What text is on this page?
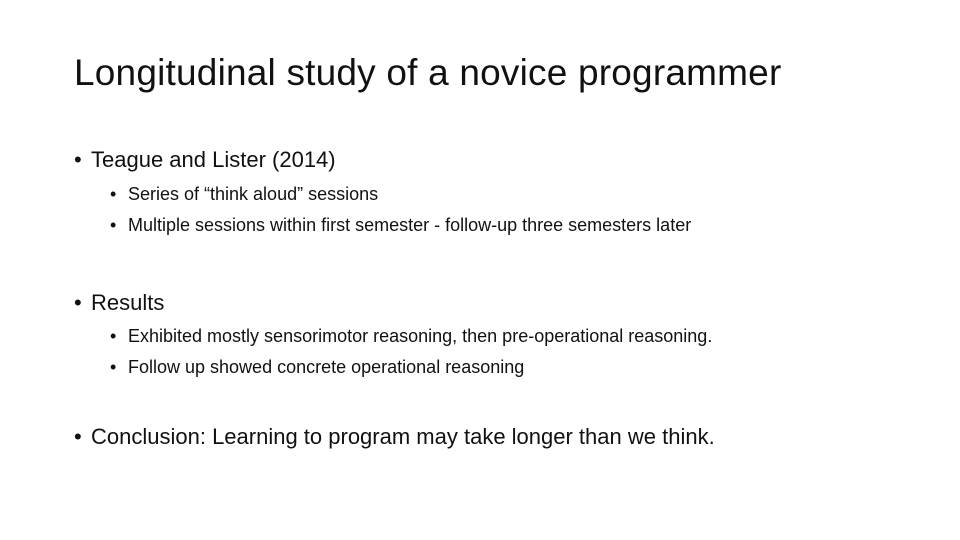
Longitudinal study of a novice programmer
• Teague and Lister (2014)
• Series of “think aloud” sessions
• Multiple sessions within first semester - follow-up three semesters later
• Results
• Exhibited mostly sensorimotor reasoning, then pre-operational reasoning.
• Follow up showed concrete operational reasoning
• Conclusion: Learning to program may take longer than we think.
